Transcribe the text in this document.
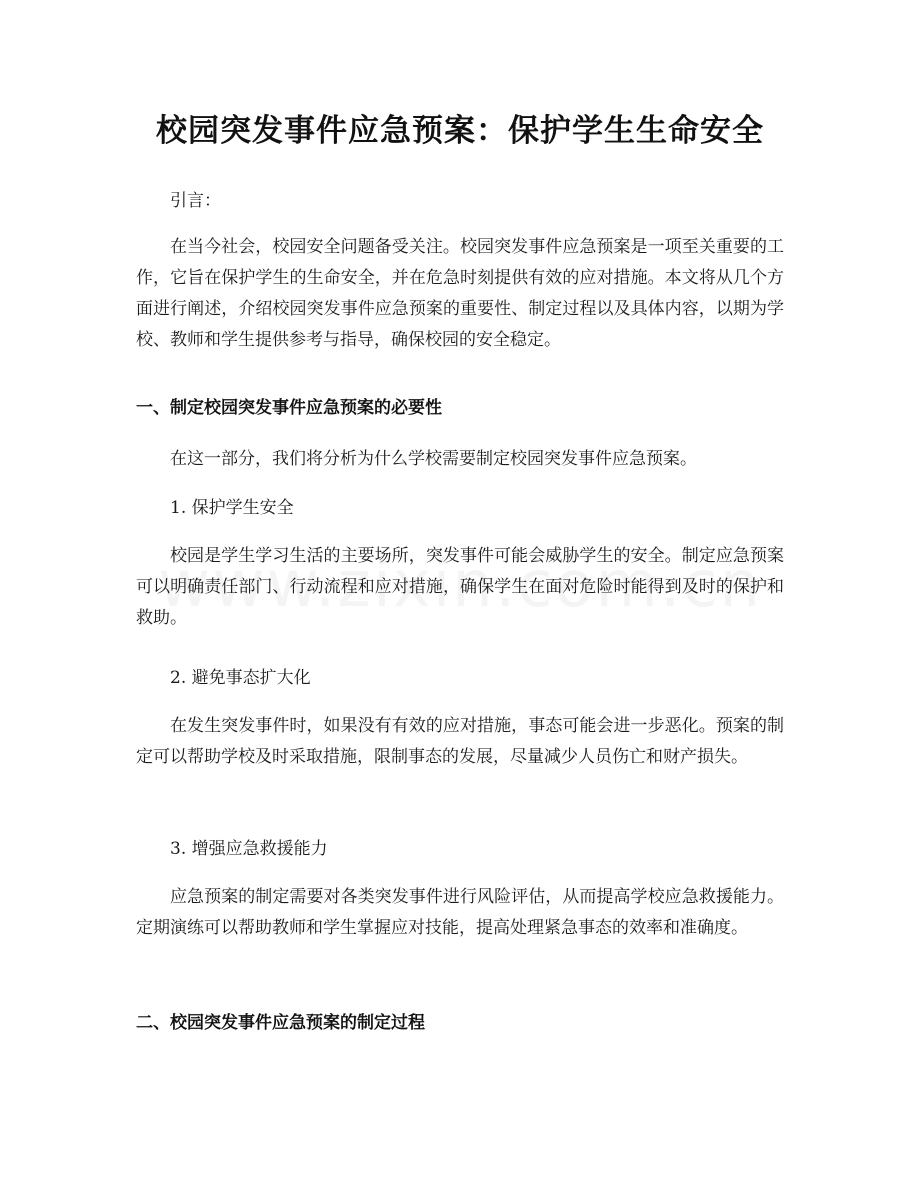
校园突发事件应急预案：保护学生生命安全

引言：

在当今社会，校园安全问题备受关注。校园突发事件应急预案是一项至关重要的工作，它旨在保护学生的生命安全，并在危急时刻提供有效的应对措施。本文将从几个方面进行阐述，介绍校园突发事件应急预案的重要性、制定过程以及具体内容，以期为学校、教师和学生提供参考与指导，确保校园的安全稳定。

一、制定校园突发事件应急预案的必要性

在这一部分，我们将分析为什么学校需要制定校园突发事件应急预案。

1. 保护学生安全

校园是学生学习生活的主要场所，突发事件可能会威胁学生的安全。制定应急预案可以明确责任部门、行动流程和应对措施，确保学生在面对危险时能得到及时的保护和救助。

2. 避免事态扩大化

在发生突发事件时，如果没有有效的应对措施，事态可能会进一步恶化。预案的制定可以帮助学校及时采取措施，限制事态的发展，尽量减少人员伤亡和财产损失。

3. 增强应急救援能力

应急预案的制定需要对各类突发事件进行风险评估，从而提高学校应急救援能力。定期演练可以帮助教师和学生掌握应对技能，提高处理紧急事态的效率和准确度。

二、校园突发事件应急预案的制定过程
